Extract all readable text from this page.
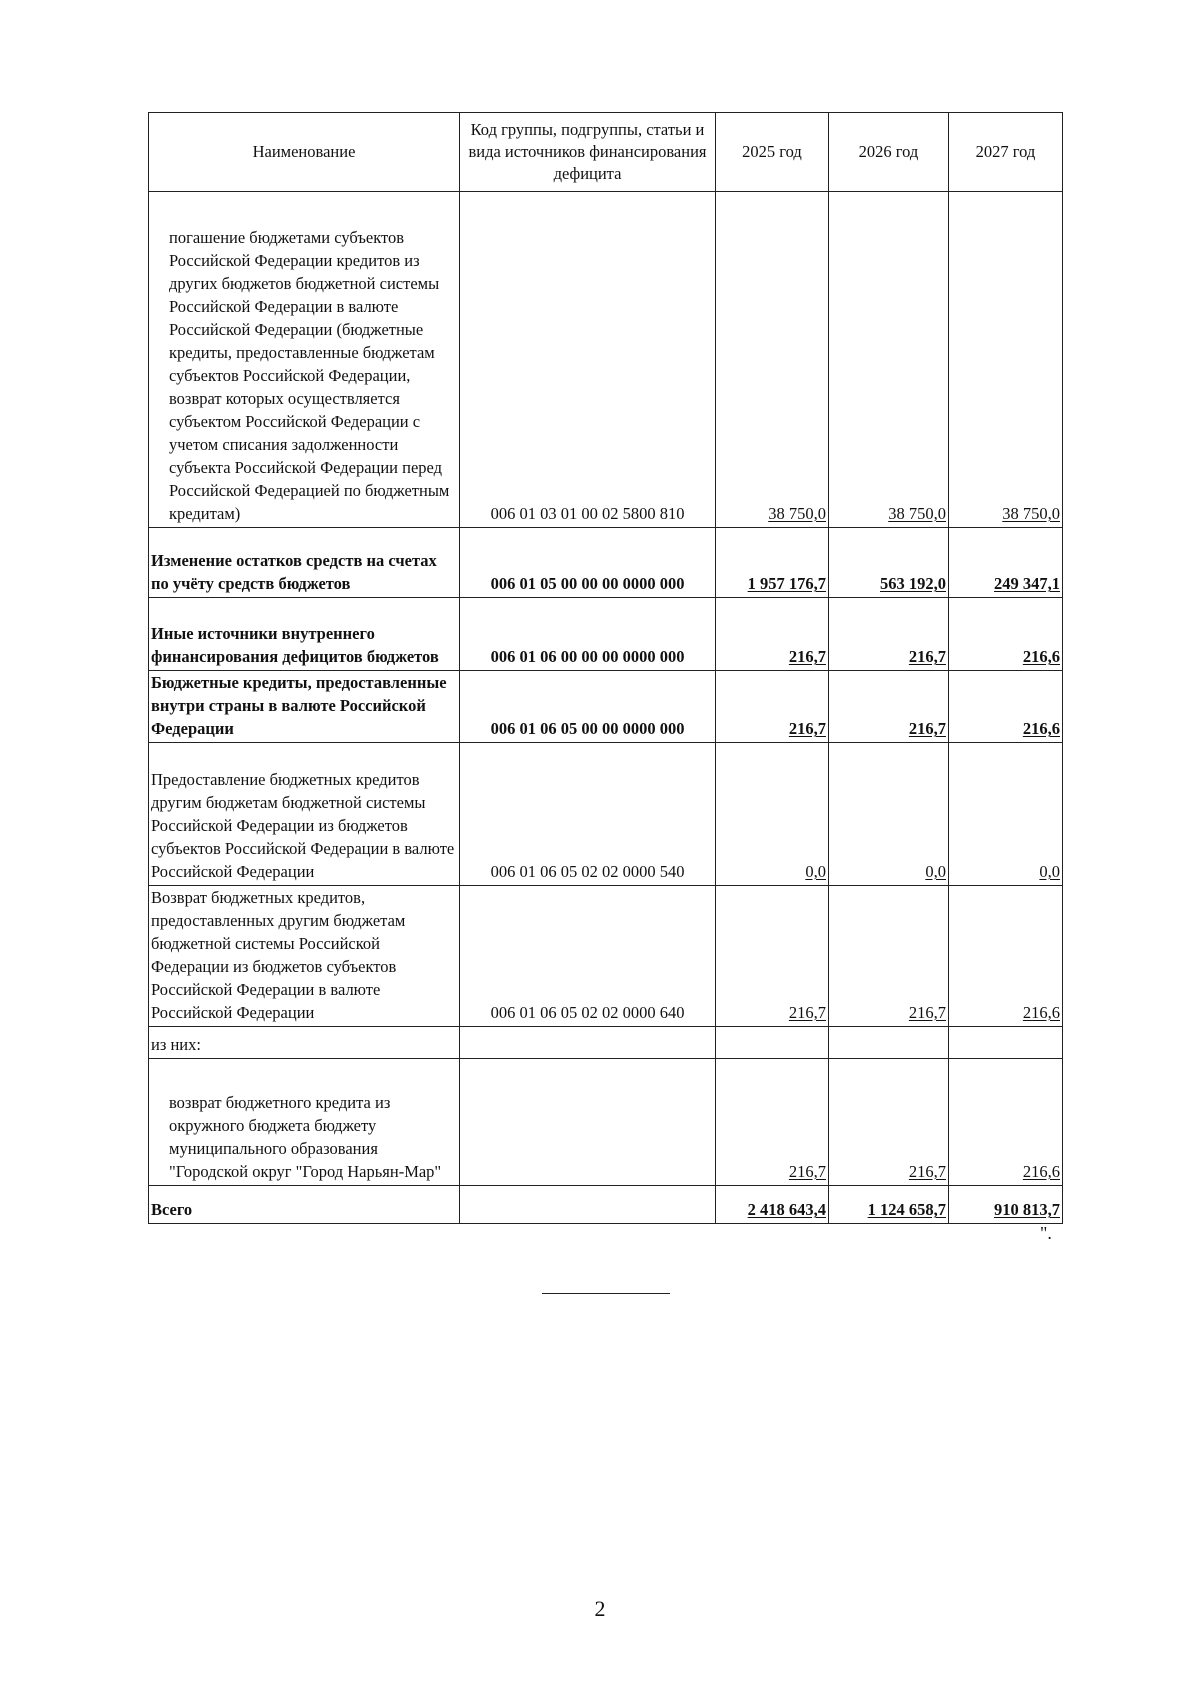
Наименование	Код группы, подгруппы, статьи и вида источников финансирования дефицита	2025 год	2026 год	2027 год
погашение бюджетами субъектов Российской Федерации кредитов из других бюджетов бюджетной системы Российской Федерации в валюте Российской Федерации (бюджетные кредиты, предоставленные бюджетам субъектов Российской Федерации, возврат которых осуществляется субъектом Российской Федерации с учетом списания задолженности субъекта Российской Федерации перед Российской Федерацией по бюджетным кредитам)	006 01 03 01 00 02 5800 810	38 750,0	38 750,0	38 750,0
Изменение остатков средств на счетах по учёту средств бюджетов	006 01 05 00 00 00 0000 000	1 957 176,7	563 192,0	249 347,1
Иные источники внутреннего финансирования дефицитов бюджетов	006 01 06 00 00 00 0000 000	216,7	216,7	216,6
Бюджетные кредиты, предоставленные внутри страны в валюте Российской Федерации	006 01 06 05 00 00 0000 000	216,7	216,7	216,6
Предоставление бюджетных кредитов другим бюджетам бюджетной системы Российской Федерации из бюджетов субъектов Российской Федерации в валюте Российской Федерации	006 01 06 05 02 02 0000 540	0,0	0,0	0,0
Возврат бюджетных кредитов, предоставленных другим бюджетам бюджетной системы Российской Федерации из бюджетов субъектов Российской Федерации в валюте Российской Федерации	006 01 06 05 02 02 0000 640	216,7	216,7	216,6
из них:				
возврат бюджетного кредита из окружного бюджета бюджету муниципального образования "Городской округ "Город Нарьян-Мар"		216,7	216,7	216,6
Всего		2 418 643,4	1 124 658,7	910 813,7
".
2
